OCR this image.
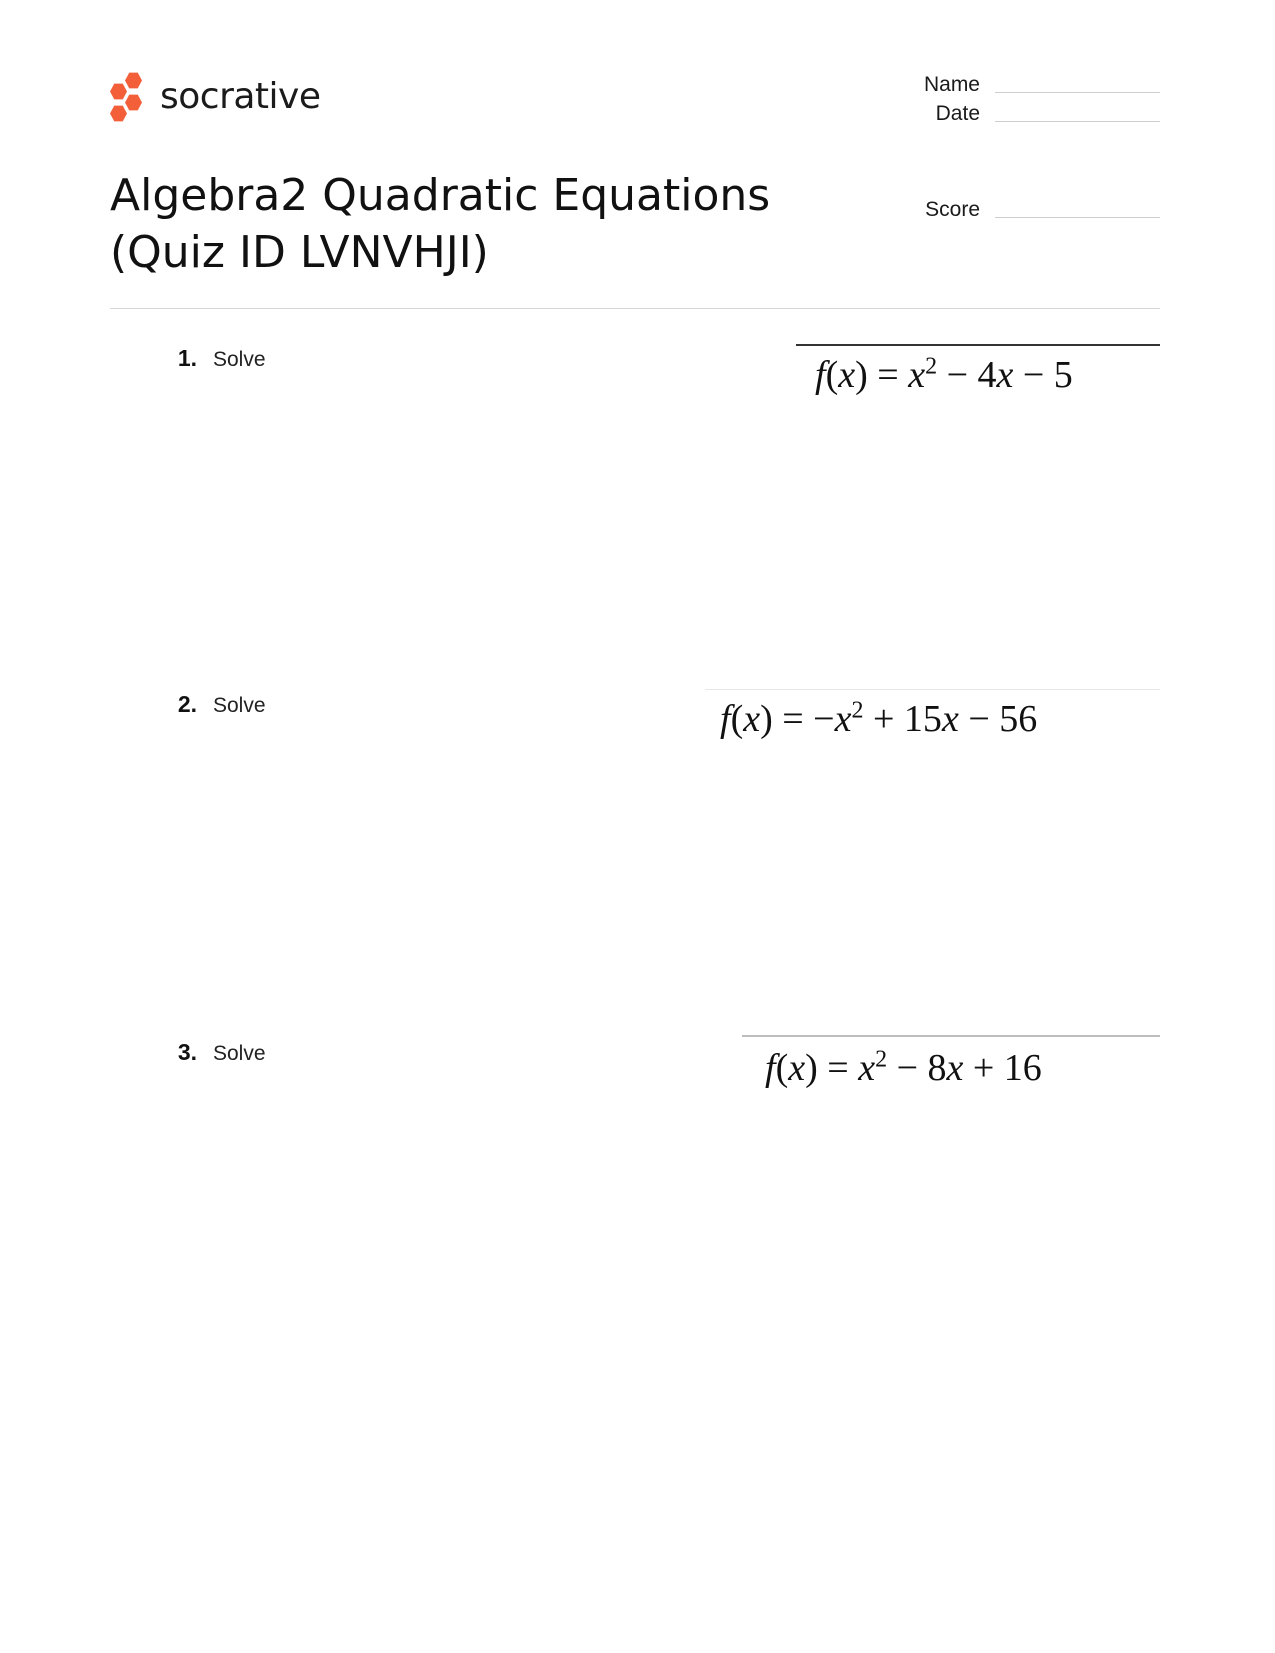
socrative	Name
Date
Score
Algebra2 Quadratic Equations (Quiz ID LVNVHJI)
1. Solve	$f(x) = x^2 - 4x - 5$
2. Solve	$f(x) = -x^2 + 15x - 56$
3. Solve	$f(x) = x^2 - 8x + 16$
